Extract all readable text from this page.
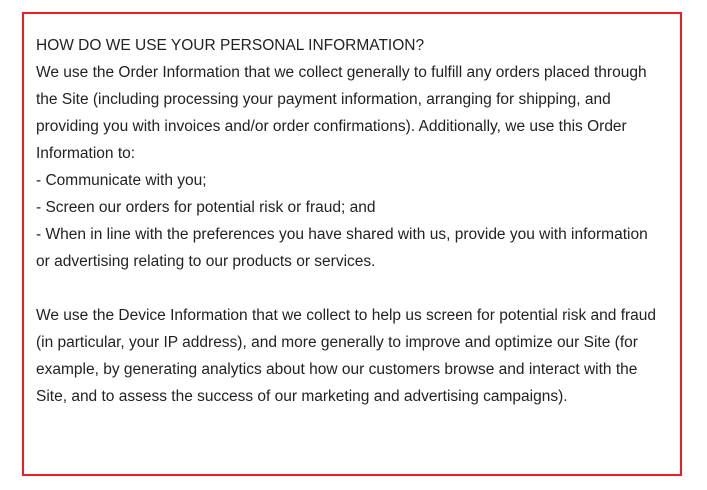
HOW DO WE USE YOUR PERSONAL INFORMATION?

We use the Order Information that we collect generally to fulfill any orders placed through the Site (including processing your payment information, arranging for shipping, and providing you with invoices and/or order confirmations). Additionally, we use this Order Information to:

- Communicate with you;

- Screen our orders for potential risk or fraud; and

- When in line with the preferences you have shared with us, provide you with information or advertising relating to our products or services.

We use the Device Information that we collect to help us screen for potential risk and fraud (in particular, your IP address), and more generally to improve and optimize our Site (for example, by generating analytics about how our customers browse and interact with the Site, and to assess the success of our marketing and advertising campaigns).
